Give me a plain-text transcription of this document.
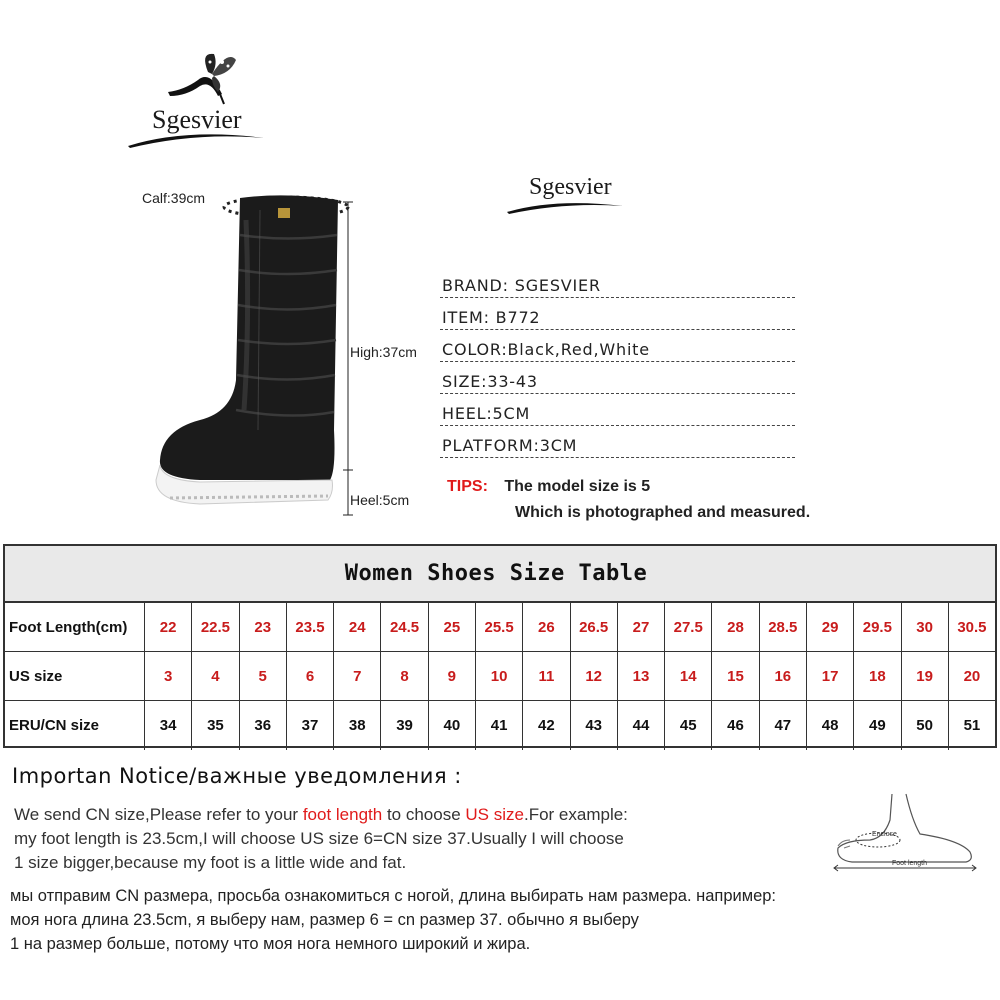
Sgesvier
Sgesvier
Calf:39cm
High:37cm
Heel:5cm
BRAND: SGESVIER
ITEM: B772
COLOR:Black,Red,White
SIZE:33-43
HEEL:5CM
PLATFORM:3CM
TIPS: The model size is 5
Which is photographed and measured.
Women Shoes Size Table
Foot Length(cm)	22	22.5	23	23.5	24	24.5	25	25.5	26	26.5	27	27.5	28	28.5	29	29.5	30	30.5
US size	3	4	5	6	7	8	9	10	11	12	13	14	15	16	17	18	19	20
ERU/CN size	34	35	36	37	38	39	40	41	42	43	44	45	46	47	48	49	50	51
Importan Notice/важные уведомления :
We send CN size,Please refer to your foot length to choose US size.For example:
my foot length is 23.5cm,I will choose US size 6=CN size 37.Usually I will choose
1 size bigger,because my foot is a little wide and fat.
мы отправим CN размера, просьба ознакомиться с ногой, длина выбирать нам размера. например:
моя нога длина 23.5cm, я выберу нам, размер 6 = cn размер 37. обычно я выберу
1 на размер больше, потому что моя нога немного широкий и жира.
Enclose
Foot length
